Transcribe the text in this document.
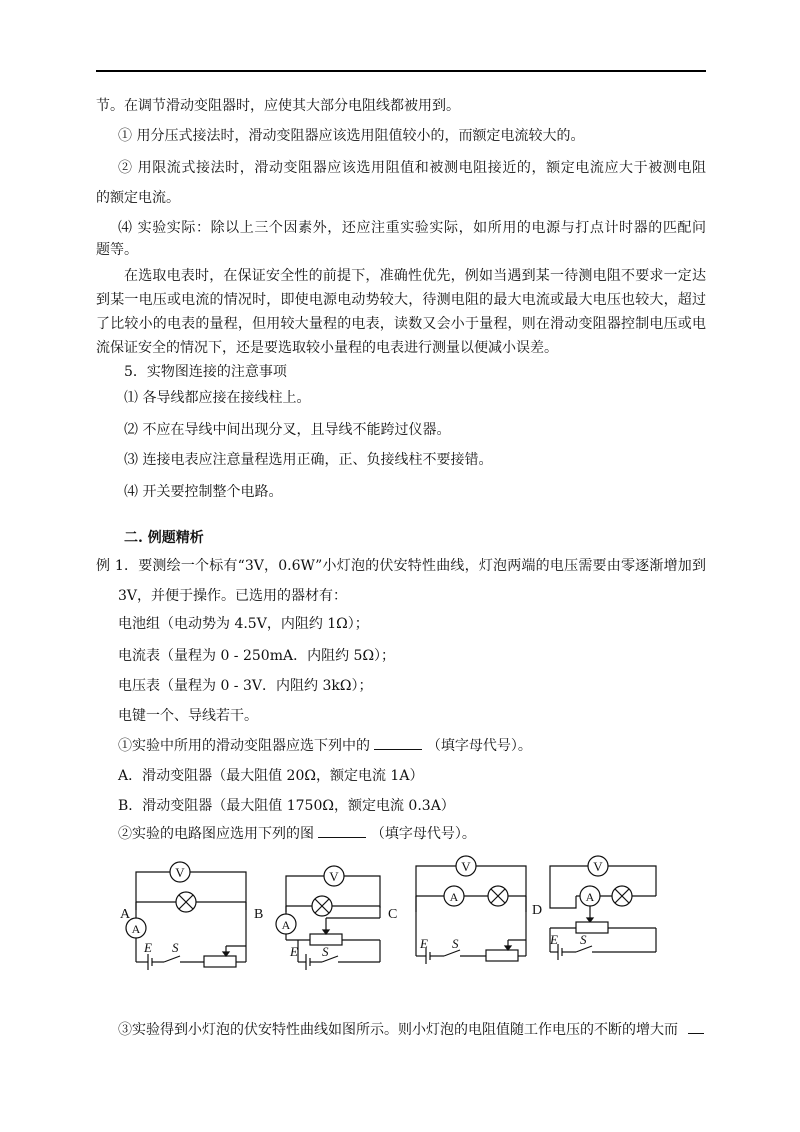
节。在调节滑动变阻器时，应使其大部分电阻线都被用到。
① 用分压式接法时，滑动变阻器应该选用阻值较小的，而额定电流较大的。
② 用限流式接法时，滑动变阻器应该选用阻值和被测电阻接近的，额定电流应大于被测电阻
的额定电流。
⑷ 实验实际：除以上三个因素外，还应注重实验实际，如所用的电源与打点计时器的匹配问
题等。
在选取电表时，在保证安全性的前提下，准确性优先，例如当遇到某一待测电阻不要求一定达
到某一电压或电流的情况时，即使电源电动势较大，待测电阻的最大电流或最大电压也较大，超过
了比较小的电表的量程，但用较大量程的电表，读数又会小于量程，则在滑动变阻器控制电压或电
流保证安全的情况下，还是要选取较小量程的电表进行测量以便减小误差。
5．实物图连接的注意事项
⑴ 各导线都应接在接线柱上。
⑵ 不应在导线中间出现分叉，且导线不能跨过仪器。
⑶ 连接电表应注意量程选用正确，正、负接线柱不要接错。
⑷ 开关要控制整个电路。
二. 例题精析
例 1．要测绘一个标有“3V，0.6W”小灯泡的伏安特性曲线，灯泡两端的电压需要由零逐渐增加到
3V，并便于操作。已选用的器材有：
电池组（电动势为 4.5V，内阻约 1Ω）；
电流表（量程为 0 - 250mA．内阻约 5Ω）；
电压表（量程为 0 - 3V．内阻约 3kΩ）；
电键一个、导线若干。
①实验中所用的滑动变阻器应选下列中的	（填字母代号）。
A．滑动变阻器（最大阻值 20Ω，额定电流 1A）
B．滑动变阻器（最大阻值 1750Ω，额定电流 0.3A）
②实验的电路图应选用下列的图	（填字母代号）。
V
A
A	B
E S
V
A
C
E S
V
A
E S
D
V
A
E S
③实验得到小灯泡的伏安特性曲线如图所示。则小灯泡的电阻值随工作电压的不断的增大而
